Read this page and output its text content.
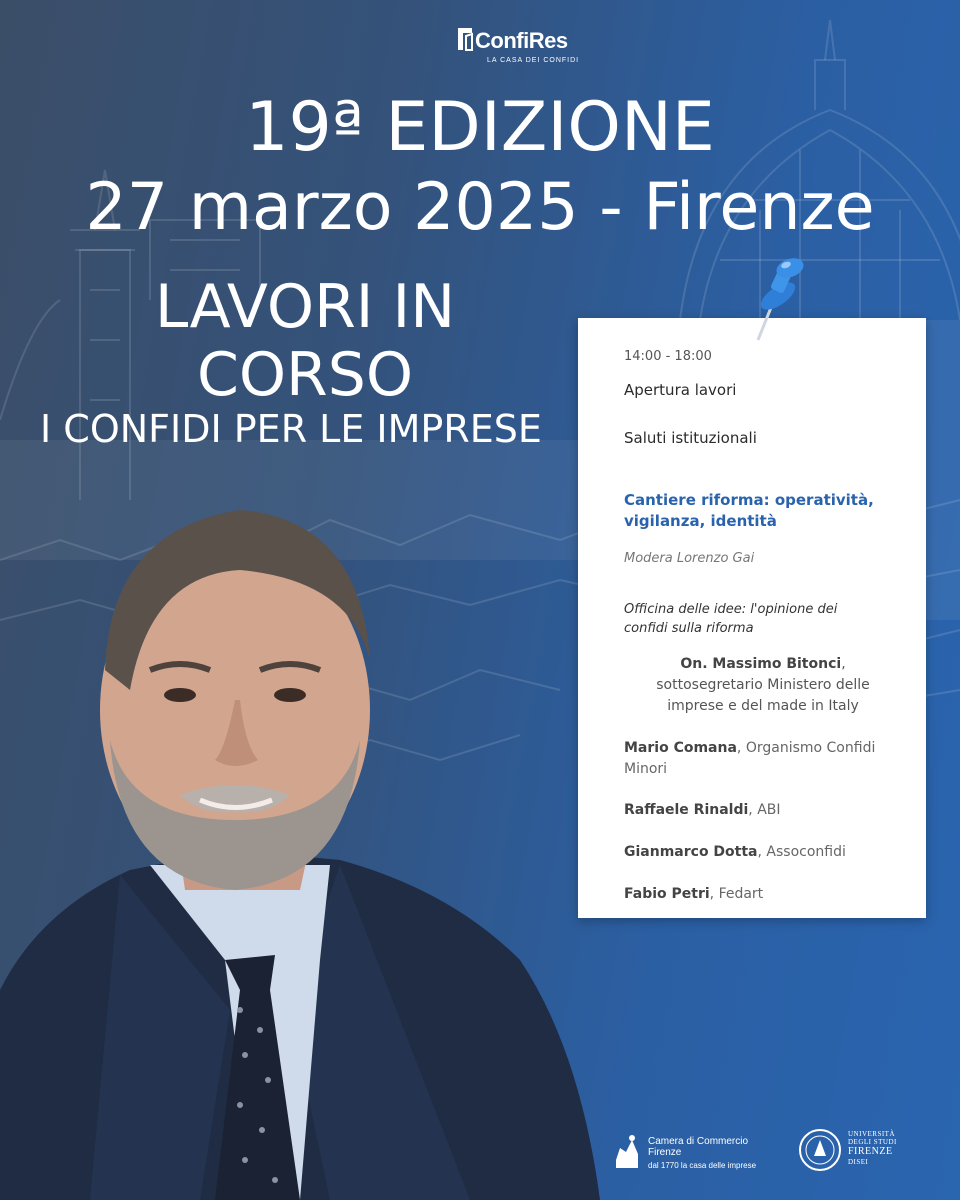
ConfiRes
LA CASA DEI CONFIDI
19ª EDIZIONE
27 marzo 2025 - Firenze
LAVORI IN
CORSO
I CONFIDI PER LE IMPRESE
14:00 - 18:00
Apertura lavori
Saluti istituzionali
Cantiere riforma: operatività,
vigilanza, identità
Modera Lorenzo Gai
Officina delle idee: l'opinione dei
confidi sulla riforma
On. Massimo Bitonci,
sottosegretario Ministero delle
imprese e del made in Italy
Mario Comana, Organismo Confidi
Minori
Raffaele Rinaldi, ABI
Gianmarco Dotta, Assoconfidi
Fabio Petri, Fedart
Camera di Commercio
Firenze
dal 1770 la casa delle imprese
UNIVERSITÀ
DEGLI STUDI
FIRENZE
DISEI
